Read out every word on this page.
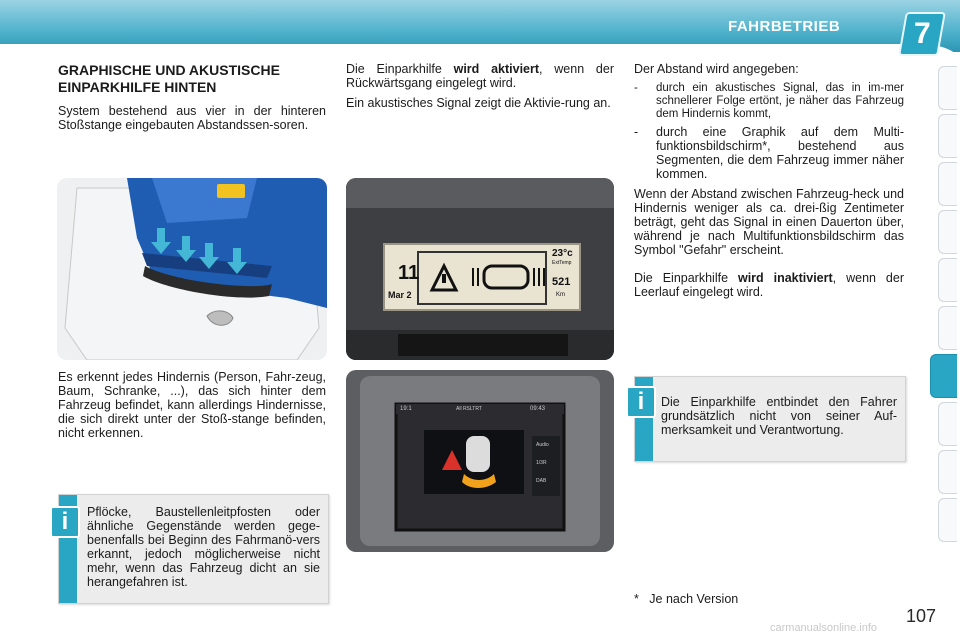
FAHRBETRIEB	7
GRAPHISCHE UND AKUSTISCHE EINPARKHILFE HINTEN

System bestehend aus vier in der hinteren Stoßstange eingebauten Abstandssen-soren.

Es erkennt jedes Hindernis (Person, Fahr-zeug, Baum, Schranke, ...), das sich hinter dem Fahrzeug befindet, kann allerdings Hindernisse, die sich direkt unter der Stoß-stange befinden, nicht erkennen.

Pflöcke, Baustellenleitpfosten oder ähnliche Gegenstände werden gege-benenfalls bei Beginn des Fahrmanö-vers erkannt, jedoch möglicherweise nicht mehr, wenn das Fahrzeug dicht an sie herangefahren ist.
i

Die Einparkhilfe wird aktiviert, wenn der Rückwärtsgang eingelegt wird.

Ein akustisches Signal zeigt die Aktivie-rung an.

11
Mar 2
23°c
ExtTemp
521
Km
19:1	All RSLTRT	09:43
Audio
1/3R
DAB

Der Abstand wird angegeben:

-	durch ein akustisches Signal, das in im-mer schnellerer Folge ertönt, je näher das Fahrzeug dem Hindernis kommt,
-	durch eine Graphik auf dem Multi-funktionsbildschirm*, bestehend aus Segmenten, die dem Fahrzeug immer näher kommen.

Wenn der Abstand zwischen Fahrzeug-heck und Hindernis weniger als ca. drei-ßig Zentimeter beträgt, geht das Signal in einen Dauerton über, während je nach Multifunktionsbildschirm das Symbol "Gefahr" erscheint.

Die Einparkhilfe wird inaktiviert, wenn der Leerlauf eingelegt wird.

Die Einparkhilfe entbindet den Fahrer grundsätzlich nicht von seiner Auf-merksamkeit und Verantwortung.
i
*   Je nach Version
107
carmanualsonline.info
